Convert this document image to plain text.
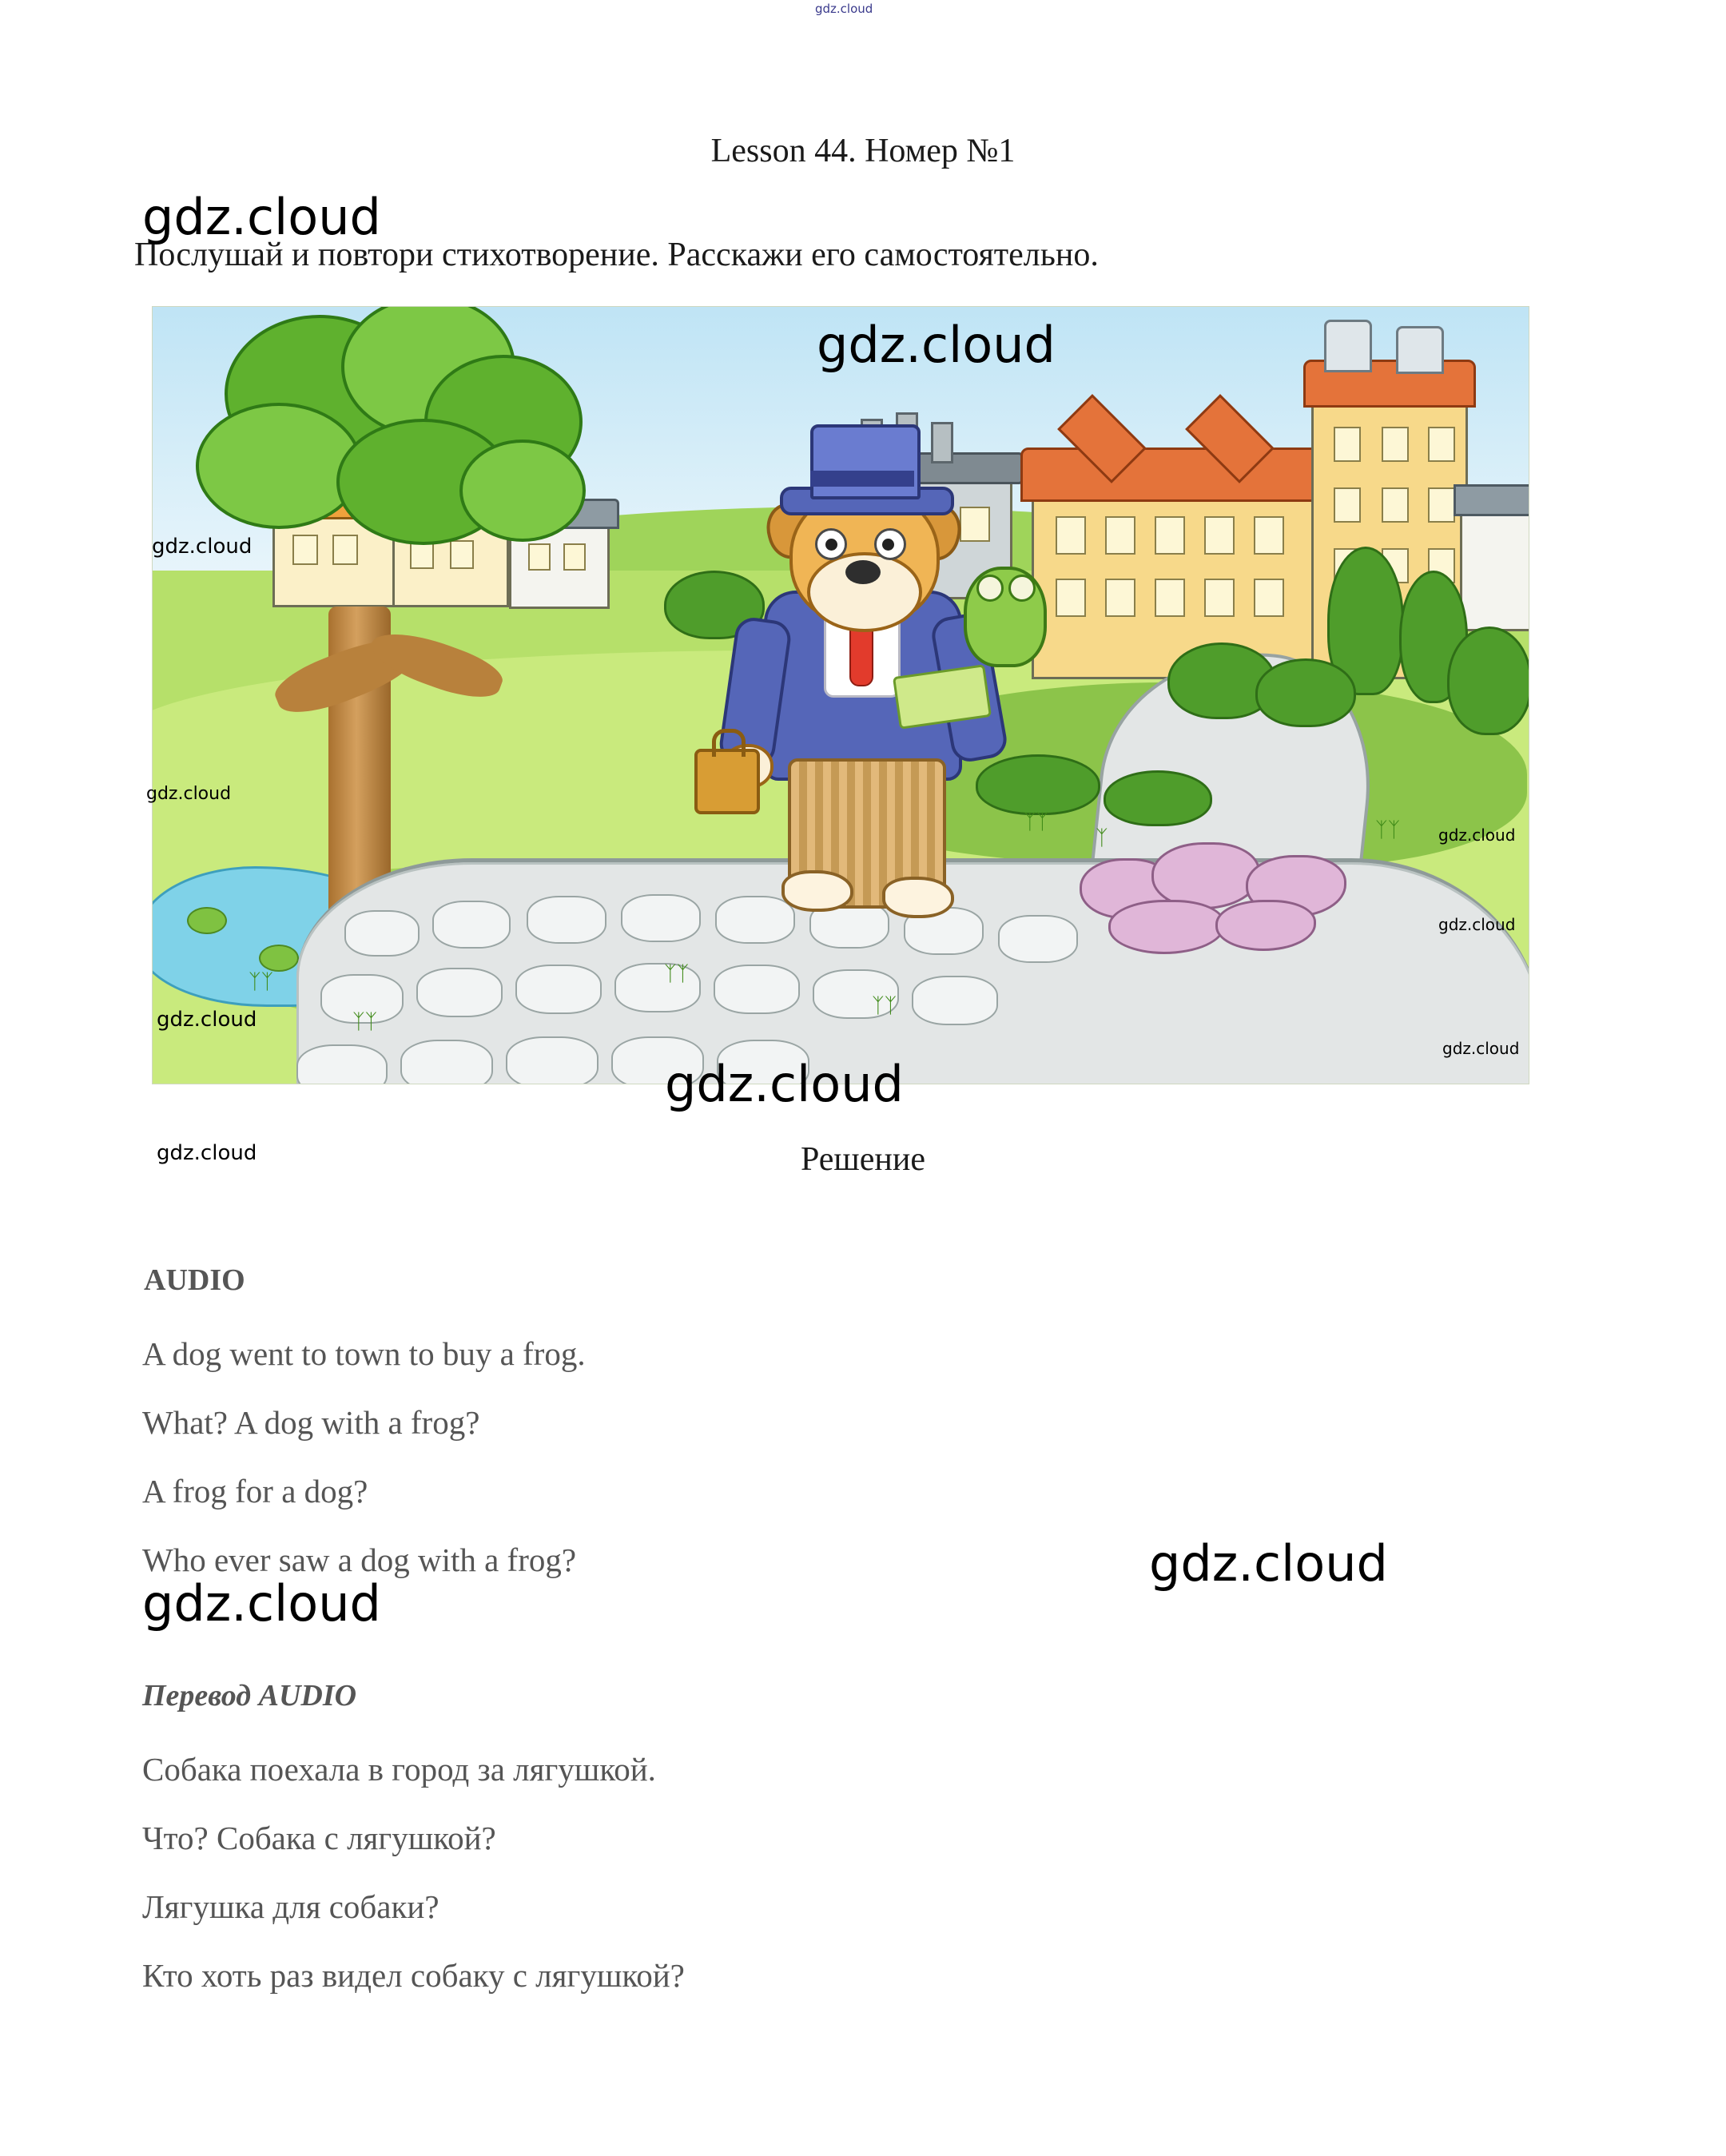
Lesson 44. Номер №1
Послушай и повтори стихотворение. Расскажи его самостоятельно.
ᛉᛉ
ᛉᛉ
ᛉᛉ
ᛉᛉ
ᛉᛉ	ᛉᛉ
ᛉ
Решение
AUDIO
A dog went to town to buy a frog.
What? A dog with a frog?
A frog for a dog?
Who ever saw a dog with a frog?
Перевод AUDIO
Собака поехала в город за лягушкой.
Что? Собака с лягушкой?
Лягушка для собаки?
Кто хоть раз видел собаку с лягушкой?
gdz.cloud
gdz.cloud
gdz.cloud
gdz.cloud
gdz.cloud
gdz.cloud
gdz.cloud
gdz.cloud
gdz.cloud
gdz.cloud
gdz.cloud
gdz.cloud
gdz.cloud
